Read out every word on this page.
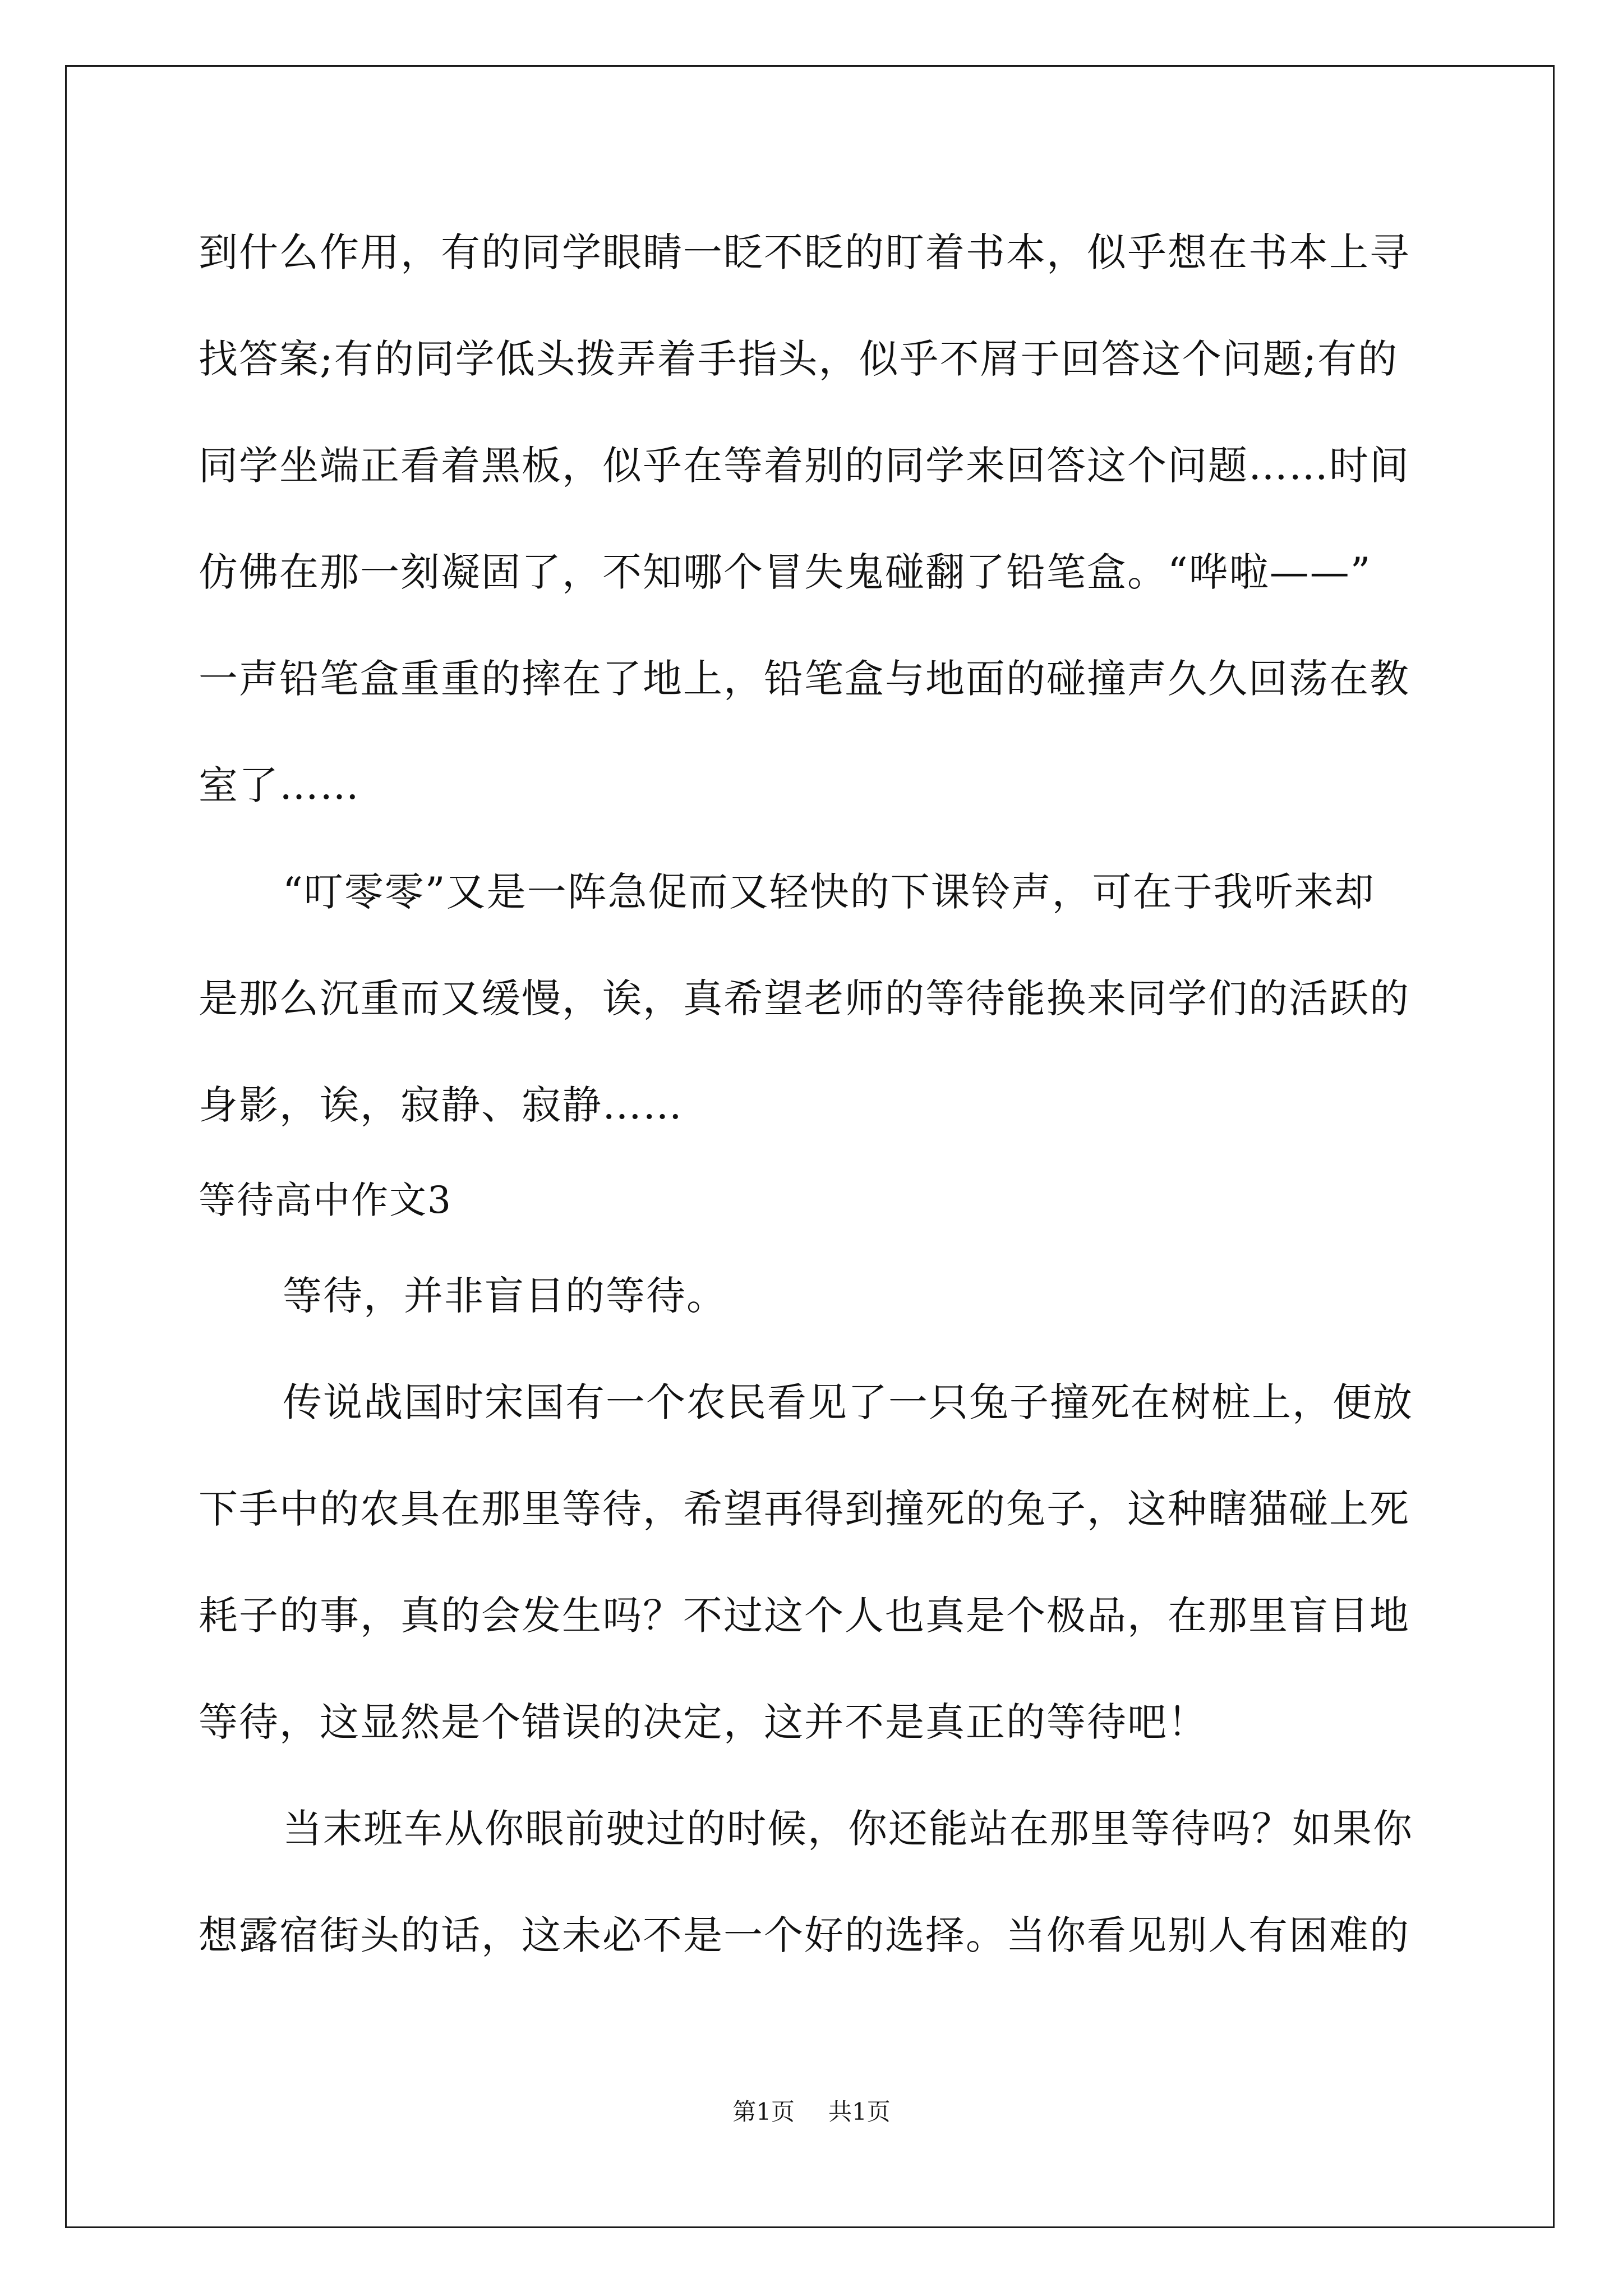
到什么作用，有的同学眼睛一眨不眨的盯着书本，似乎想在书本上寻
找答案;有的同学低头拨弄着手指头，似乎不屑于回答这个问题;有的
同学坐端正看着黑板，似乎在等着别的同学来回答这个问题……时间
仿佛在那一刻凝固了，不知哪个冒失鬼碰翻了铅笔盒。“哗啦——”
一声铅笔盒重重的摔在了地上，铅笔盒与地面的碰撞声久久回荡在教
室了……
“叮零零”又是一阵急促而又轻快的下课铃声，可在于我听来却
是那么沉重而又缓慢，诶，真希望老师的等待能换来同学们的活跃的
身影，诶，寂静、寂静……
等待高中作文3
等待，并非盲目的等待。
传说战国时宋国有一个农民看见了一只兔子撞死在树桩上，便放
下手中的农具在那里等待，希望再得到撞死的兔子，这种瞎猫碰上死
耗子的事，真的会发生吗？不过这个人也真是个极品，在那里盲目地
等待，这显然是个错误的决定，这并不是真正的等待吧！
当末班车从你眼前驶过的时候，你还能站在那里等待吗？如果你
想露宿街头的话，这未必不是一个好的选择。当你看见别人有困难的
第1页 共1页
